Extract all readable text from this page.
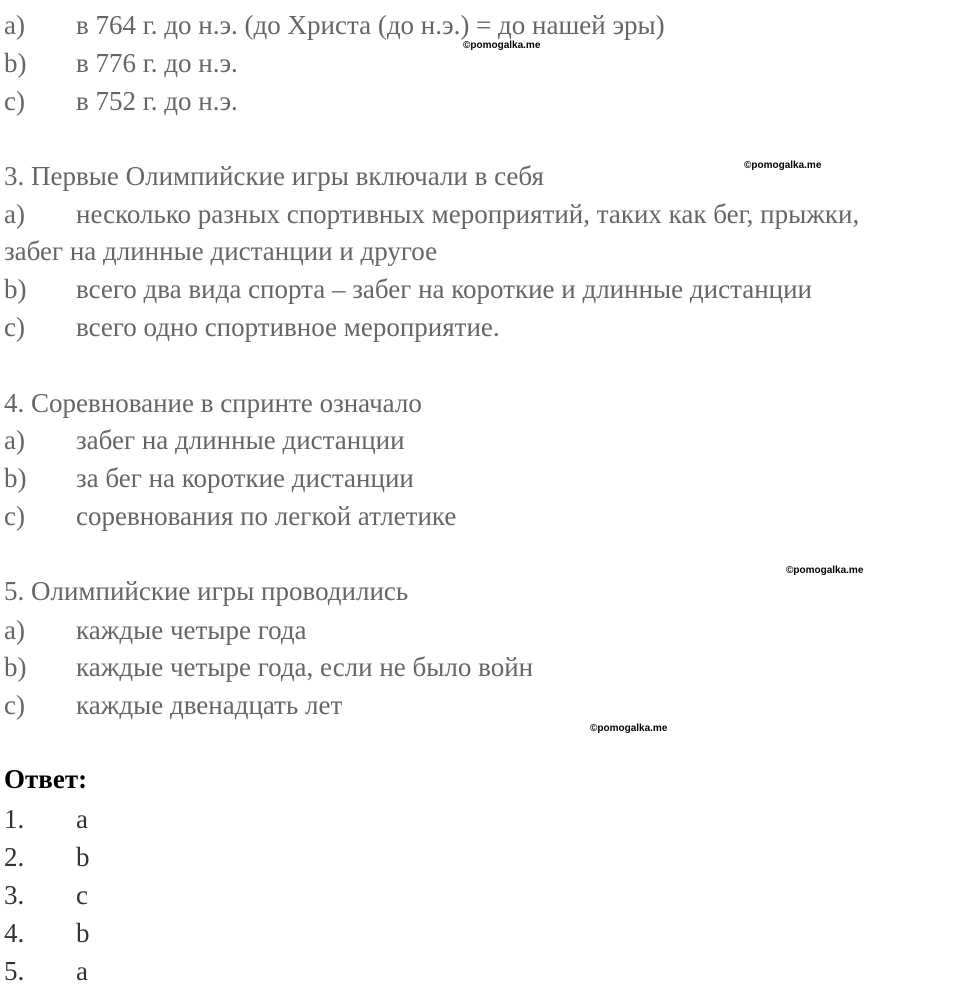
a) в 764 г. до н.э. (до Христа (до н.э.) = до нашей эры)
b) в 776 г. до н.э.
c) в 752 г. до н.э.
3. Первые Олимпийские игры включали в себя
a) несколько разных спортивных мероприятий, таких как бег, прыжки,
забег на длинные дистанции и другое
b) всего два вида спорта – забег на короткие и длинные дистанции
c) всего одно спортивное мероприятие.
4. Соревнование в спринте означало
a) забег на длинные дистанции
b) за бег на короткие дистанции
c) соревнования по легкой атлетике
5. Олимпийские игры проводились
a) каждые четыре года
b) каждые четыре года, если не было войн
c) каждые двенадцать лет
Ответ:
1. a
2. b
3. c
4. b
5. a
©pomogalka.me
©pomogalka.me
©pomogalka.me
©pomogalka.me
